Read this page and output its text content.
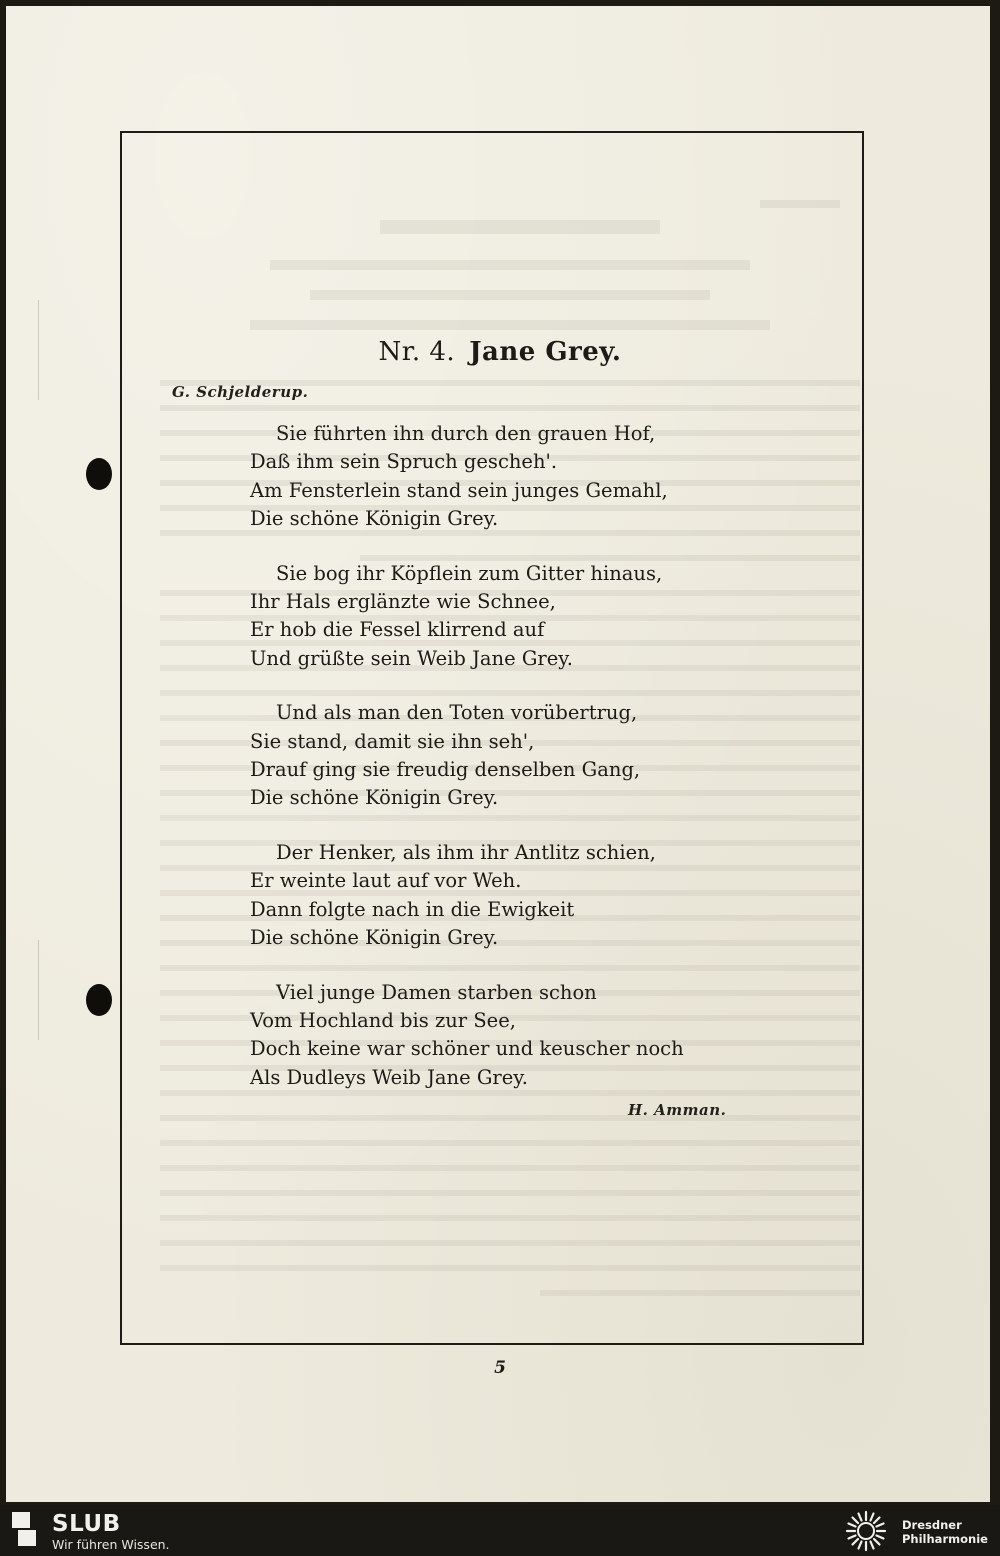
Nr. 4. Jane Grey.
G. Schjelderup.
Sie führten ihn durch den grauen Hof,
Daß ihm sein Spruch gescheh'.
Am Fensterlein stand sein junges Gemahl,
Die schöne Königin Grey.
Sie bog ihr Köpflein zum Gitter hinaus,
Ihr Hals erglänzte wie Schnee,
Er hob die Fessel klirrend auf
Und grüßte sein Weib Jane Grey.
Und als man den Toten vorübertrug,
Sie stand, damit sie ihn seh',
Drauf ging sie freudig denselben Gang,
Die schöne Königin Grey.
Der Henker, als ihm ihr Antlitz schien,
Er weinte laut auf vor Weh.
Dann folgte nach in die Ewigkeit
Die schöne Königin Grey.
Viel junge Damen starben schon
Vom Hochland bis zur See,
Doch keine war schöner und keuscher noch
Als Dudleys Weib Jane Grey.
H. Amman.
5
SLUB
Wir führen Wissen.
Dresdner
Philharmonie
